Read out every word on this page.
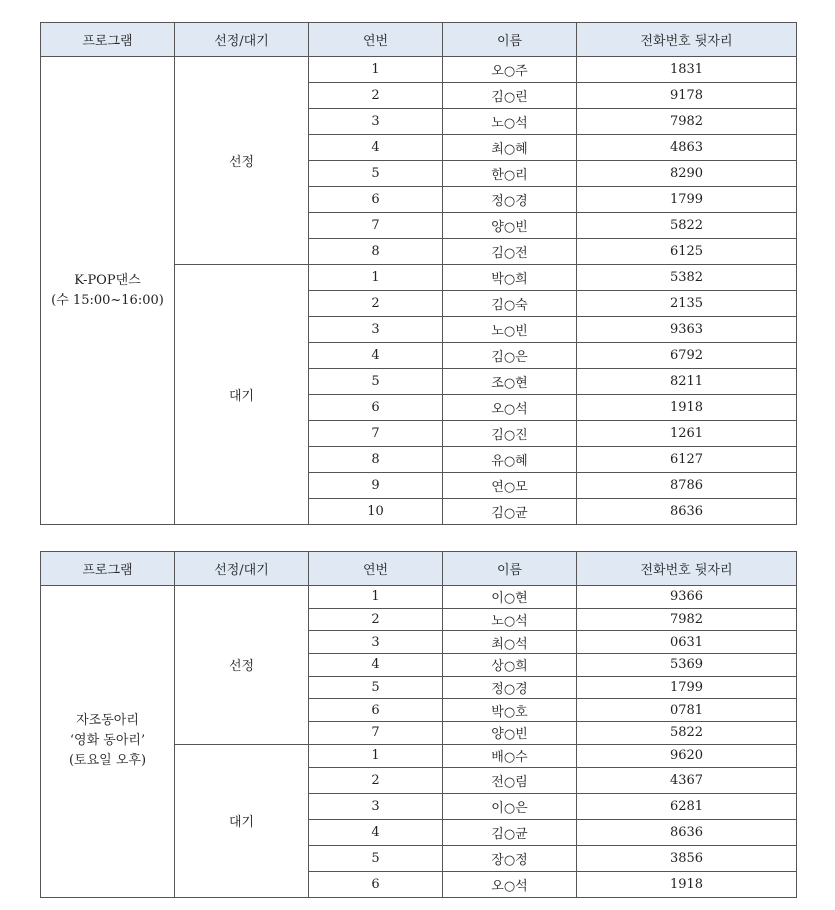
프로그램	선정/대기	연번	이름	전화번호 뒷자리

K-POP댄스
(수 15:00~16:00)	선정	1	오○주	1831
		2	김○린	9178
		3	노○석	7982
		4	최○혜	4863
		5	한○리	8290
		6	정○경	1799
		7	양○빈	5822
		8	김○전	6125
	대기	1	박○희	5382
		2	김○숙	2135
		3	노○빈	9363
		4	김○은	6792
		5	조○현	8211
		6	오○석	1918
		7	김○진	1261
		8	유○혜	6127
		9	연○모	8786
		10	김○균	8636
프로그램	선정/대기	연번	이름	전화번호 뒷자리

자조동아리
‘영화 동아리’
(토요일 오후)	선정	1	이○현	9366
		2	노○석	7982
		3	최○석	0631
		4	상○희	5369
		5	정○경	1799
		6	박○호	0781
		7	양○빈	5822
	대기	1	배○수	9620
		2	전○림	4367
		3	이○은	6281
		4	김○균	8636
		5	장○정	3856
		6	오○석	1918
